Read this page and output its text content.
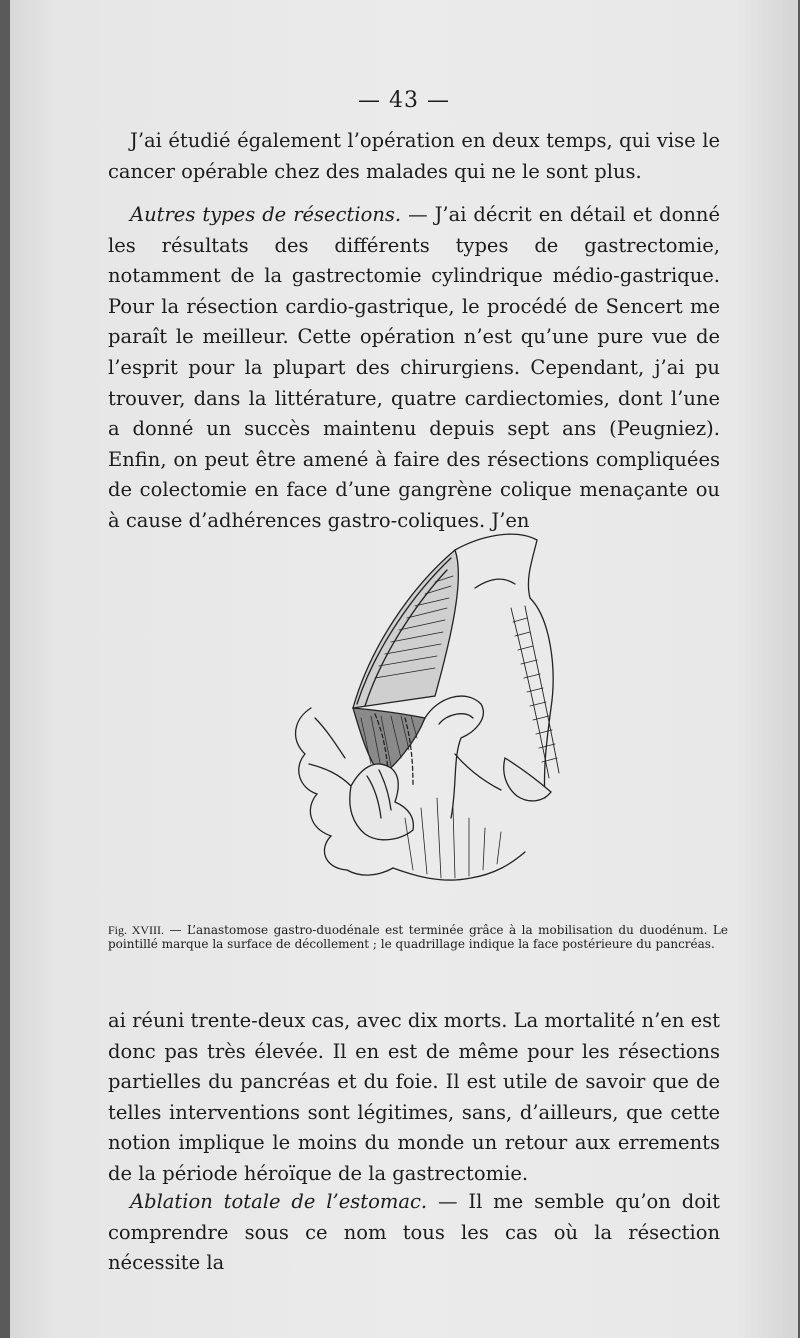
— 43 —

J’ai étudié également l’opération en deux temps, qui vise le cancer opérable chez des malades qui ne le sont plus.

Autres types de résections. — J’ai décrit en détail et donné les résultats des différents types de gastrectomie, notamment de la gastrectomie cylindrique médio-gastrique. Pour la résection cardio-gastrique, le procédé de Sencert me paraît le meilleur. Cette opération n’est qu’une pure vue de l’esprit pour la plupart des chirurgiens. Cependant, j’ai pu trouver, dans la littérature, quatre cardiectomies, dont l’une a donné un succès maintenu depuis sept ans (Peugniez). Enfin, on peut être amené à faire des résections compliquées de colectomie en face d’une gangrène colique menaçante ou à cause d’adhérences gastro-coliques. J’en

Fig. XVIII. — L’anastomose gastro-duodénale est terminée grâce à la mobilisation du duodénum. Le pointillé marque la surface de décollement ; le quadrillage indique la face postérieure du pancréas.

ai réuni trente-deux cas, avec dix morts. La mortalité n’en est donc pas très élevée. Il en est de même pour les résections partielles du pancréas et du foie. Il est utile de savoir que de telles interventions sont légitimes, sans, d’ailleurs, que cette notion implique le moins du monde un retour aux errements de la période héroïque de la gastrectomie.

Ablation totale de l’estomac. — Il me semble qu’on doit comprendre sous ce nom tous les cas où la résection nécessite la
